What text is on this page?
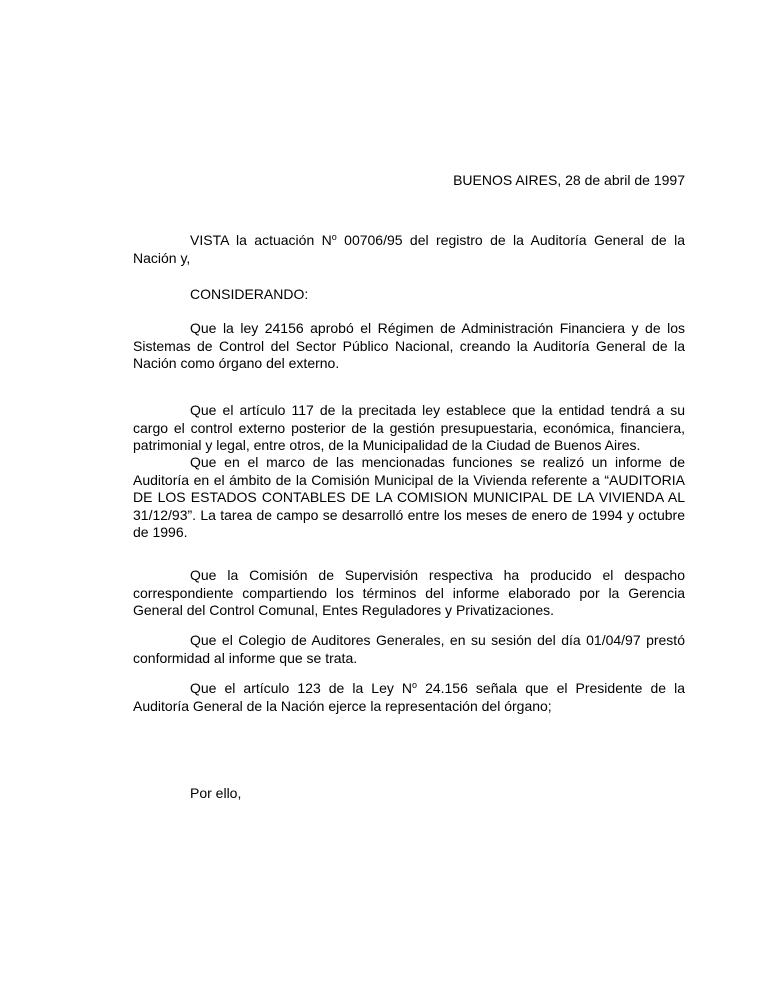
BUENOS AIRES, 28 de abril de 1997

VISTA la actuación $N^o$ 00706/95 del registro de la Auditoría General de la Nación y,

CONSIDERANDO:

Que la ley 24156 aprobó el Régimen de Administración Financiera y de los Sistemas de Control del Sector Público Nacional, creando la Auditoría General de la Nación como órgano del externo.

Que el artículo 117 de la precitada ley establece que la entidad tendrá a su cargo el control externo posterior de la gestión presupuestaria, económica, financiera, patrimonial y legal, entre otros, de la Municipalidad de la Ciudad de Buenos Aires.

Que en el marco de las mencionadas funciones se realizó un informe de Auditoría en el ámbito de la Comisión Municipal de la Vivienda referente a “AUDITORIA DE LOS ESTADOS CONTABLES DE LA COMISION MUNICIPAL DE LA VIVIENDA AL 31/12/93”. La tarea de campo se desarrolló entre los meses de enero de 1994 y octubre de 1996.

Que la Comisión de Supervisión respectiva ha producido el despacho correspondiente compartiendo los términos del informe elaborado por la Gerencia General del Control Comunal, Entes Reguladores y Privatizaciones.

Que el Colegio de Auditores Generales, en su sesión del día 01/04/97 prestó conformidad al informe que se trata.

Que el artículo 123 de la Ley $N^o$ 24.156 señala que el Presidente de la Auditoría General de la Nación ejerce la representación del órgano;

Por ello,
